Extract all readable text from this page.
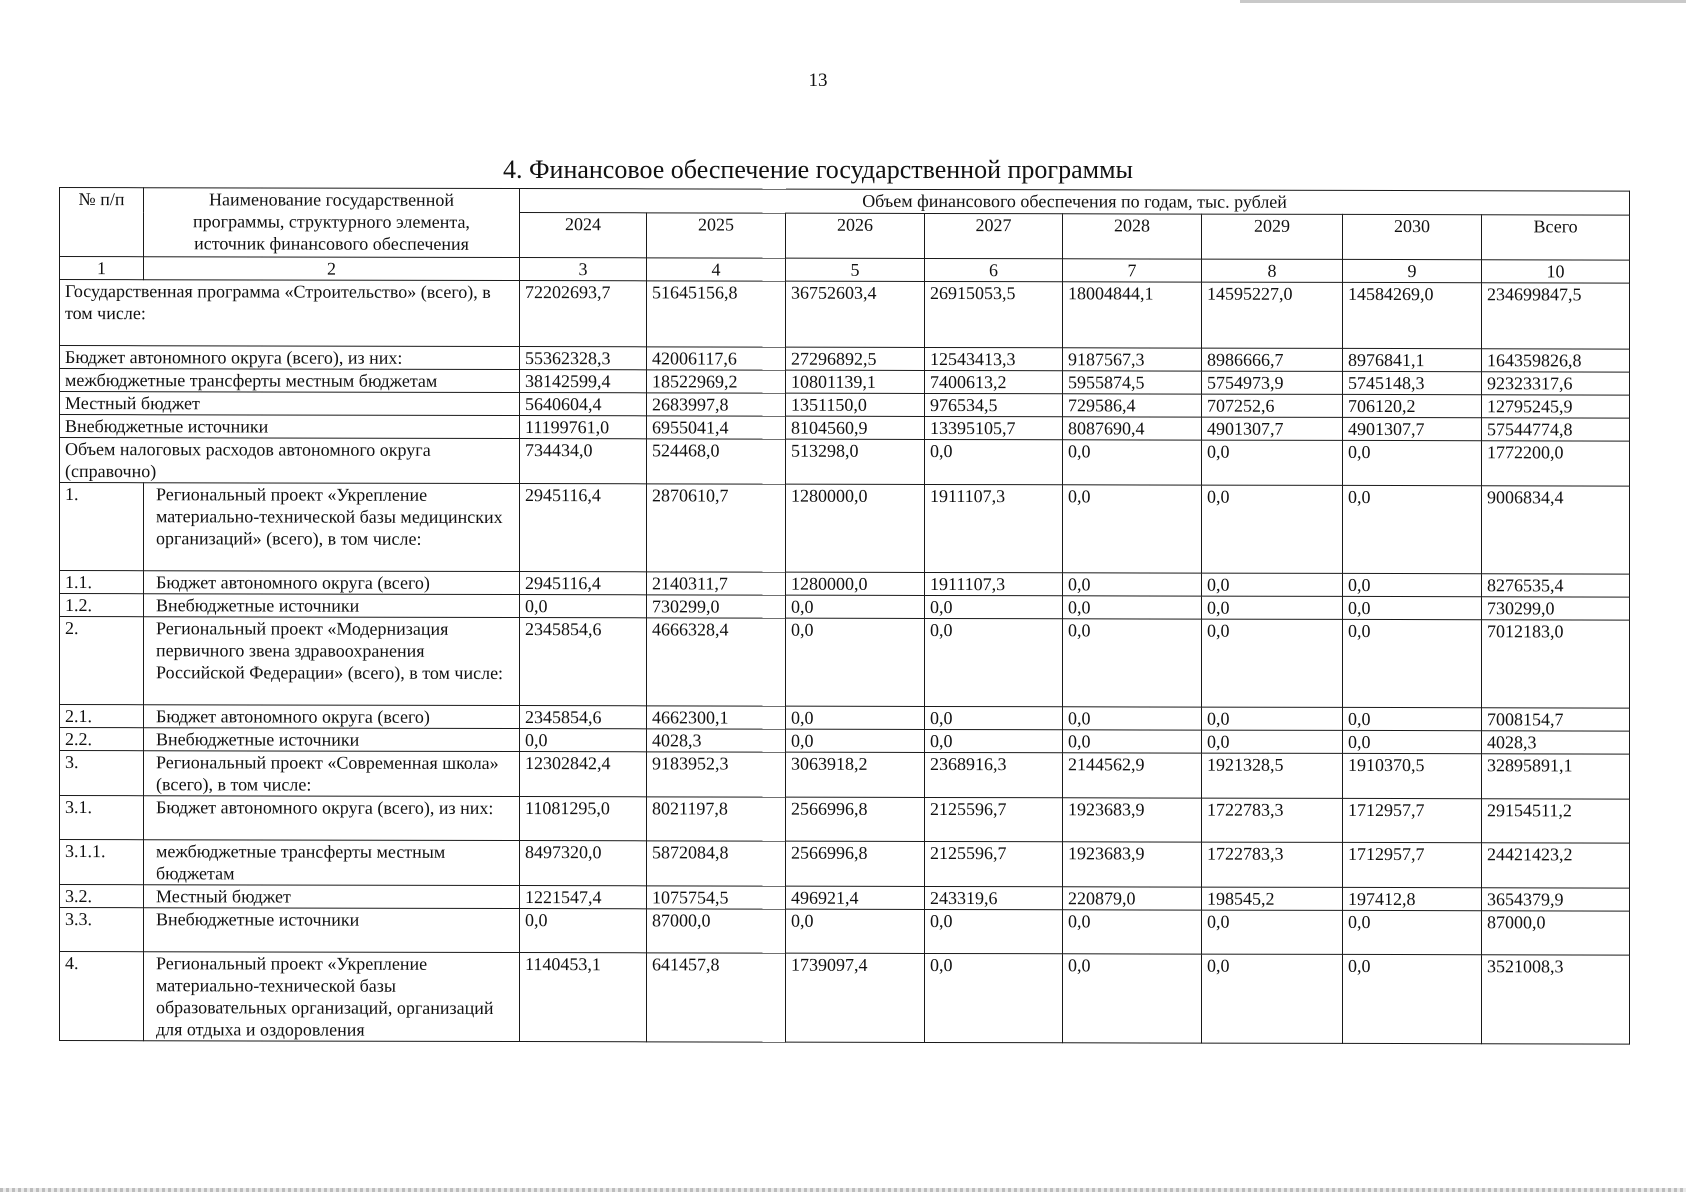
13
4. Финансовое обеспечение государственной программы
№ п/п	Наименование государственной программы, структурного элемента, источник финансового обеспечения	Объем финансового обеспечения по годам, тыс. рублей							
		2024	2025	2026	2027	2028	2029	2030	Всего
1	2	3	4	5	6	7	8	9	10
Государственная программа «Строительство» (всего), в том числе:		72202693,7	51645156,8	36752603,4	26915053,5	18004844,1	14595227,0	14584269,0	234699847,5
Бюджет автономного округа (всего), из них:		55362328,3	42006117,6	27296892,5	12543413,3	9187567,3	8986666,7	8976841,1	164359826,8
межбюджетные трансферты местным бюджетам		38142599,4	18522969,2	10801139,1	7400613,2	5955874,5	5754973,9	5745148,3	92323317,6
Местный бюджет		5640604,4	2683997,8	1351150,0	976534,5	729586,4	707252,6	706120,2	12795245,9
Внебюджетные источники		11199761,0	6955041,4	8104560,9	13395105,7	8087690,4	4901307,7	4901307,7	57544774,8
Объем налоговых расходов автономного округа (справочно)		734434,0	524468,0	513298,0	0,0	0,0	0,0	0,0	1772200,0
1.	Региональный проект «Укрепление материально-технической базы медицинских организаций» (всего), в том числе:	2945116,4	2870610,7	1280000,0	1911107,3	0,0	0,0	0,0	9006834,4
1.1.	Бюджет автономного округа (всего)	2945116,4	2140311,7	1280000,0	1911107,3	0,0	0,0	0,0	8276535,4
1.2.	Внебюджетные источники	0,0	730299,0	0,0	0,0	0,0	0,0	0,0	730299,0
2.	Региональный проект «Модернизация первичного звена здравоохранения Российской Федерации» (всего), в том числе:	2345854,6	4666328,4	0,0	0,0	0,0	0,0	0,0	7012183,0
2.1.	Бюджет автономного округа (всего)	2345854,6	4662300,1	0,0	0,0	0,0	0,0	0,0	7008154,7
2.2.	Внебюджетные источники	0,0	4028,3	0,0	0,0	0,0	0,0	0,0	4028,3
3.	Региональный проект «Современная школа» (всего), в том числе:	12302842,4	9183952,3	3063918,2	2368916,3	2144562,9	1921328,5	1910370,5	32895891,1
3.1.	Бюджет автономного округа (всего), из них:	11081295,0	8021197,8	2566996,8	2125596,7	1923683,9	1722783,3	1712957,7	29154511,2
3.1.1.	межбюджетные трансферты местным бюджетам	8497320,0	5872084,8	2566996,8	2125596,7	1923683,9	1722783,3	1712957,7	24421423,2
3.2.	Местный бюджет	1221547,4	1075754,5	496921,4	243319,6	220879,0	198545,2	197412,8	3654379,9
3.3.	Внебюджетные источники	0,0	87000,0	0,0	0,0	0,0	0,0	0,0	87000,0
4.	Региональный проект «Укрепление материально-технической базы образовательных организаций, организаций для отдыха и оздоровления	1140453,1	641457,8	1739097,4	0,0	0,0	0,0	0,0	3521008,3
